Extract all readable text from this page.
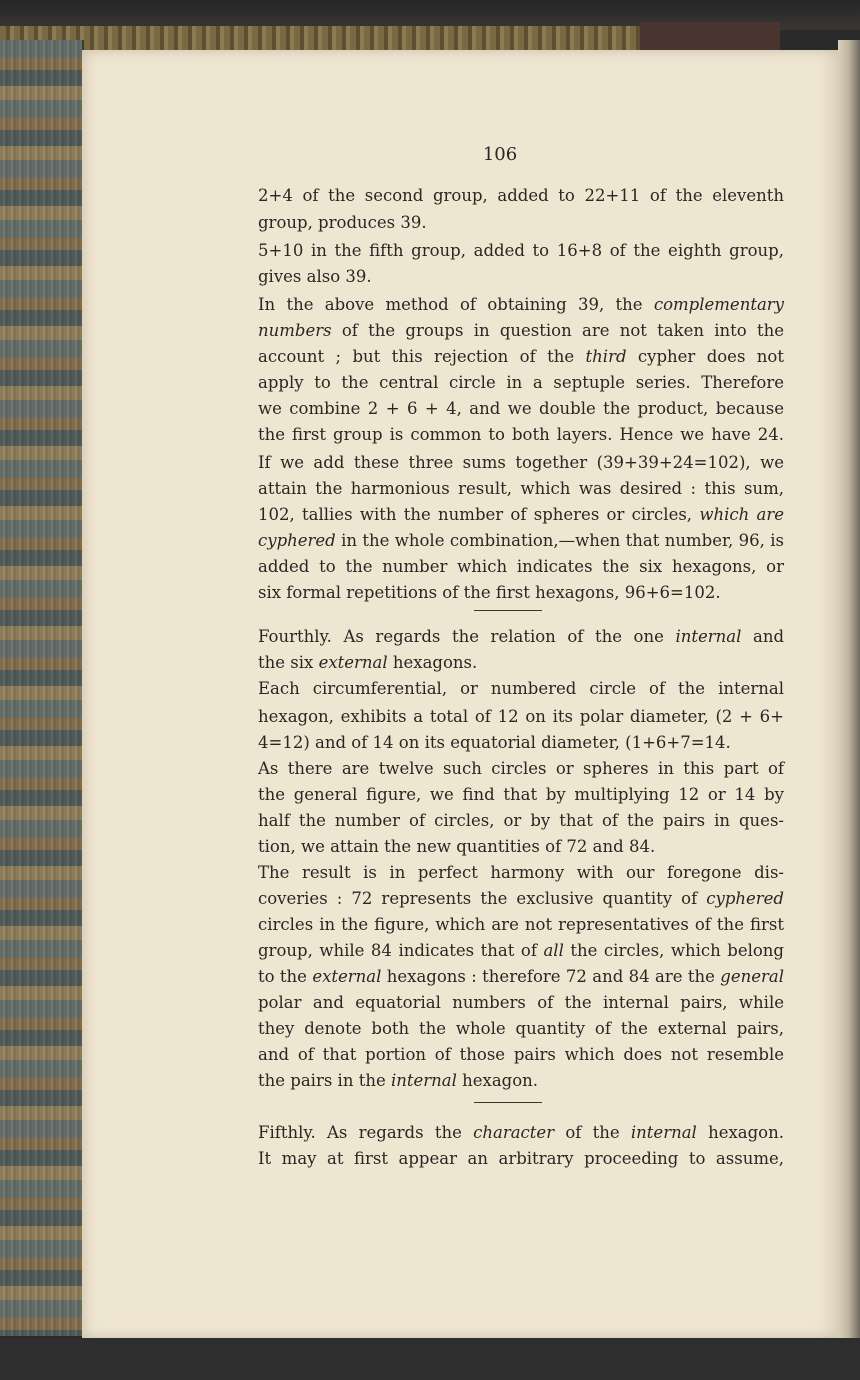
106
2+4 of the second group, added to 22+11 of the eleventh
group, produces 39.
5+10 in the fifth group, added to 16+8 of the eighth group,
gives also 39.
In the above method of obtaining 39, the complementary
numbers of the groups in question are not taken into the
account ; but this rejection of the third cypher does not
apply to the central circle in a septuple series. Therefore
we combine 2 + 6 + 4, and we double the product, because
the first group is common to both layers. Hence we have 24.
If we add these three sums together (39+39+24=102), we
attain the harmonious result, which was desired : this sum,
102, tallies with the number of spheres or circles, which are
cyphered in the whole combination,—when that number, 96, is
added to the number which indicates the six hexagons, or
six formal repetitions of the first hexagons, 96+6=102.
Fourthly. As regards the relation of the one internal and
the six external hexagons.
Each circumferential, or numbered circle of the internal
hexagon, exhibits a total of 12 on its polar diameter, (2 + 6+
4=12) and of 14 on its equatorial diameter, (1+6+7=14.
As there are twelve such circles or spheres in this part of
the general figure, we find that by multiplying 12 or 14 by
half the number of circles, or by that of the pairs in ques-
tion, we attain the new quantities of 72 and 84.
The result is in perfect harmony with our foregone dis-
coveries : 72 represents the exclusive quantity of cyphered
circles in the figure, which are not representatives of the first
group, while 84 indicates that of all the circles, which belong
to the external hexagons : therefore 72 and 84 are the general
polar and equatorial numbers of the internal pairs, while
they denote both the whole quantity of the external pairs,
and of that portion of those pairs which does not resemble
the pairs in the internal hexagon.
Fifthly. As regards the character of the internal hexagon.
It may at first appear an arbitrary proceeding to assume,
